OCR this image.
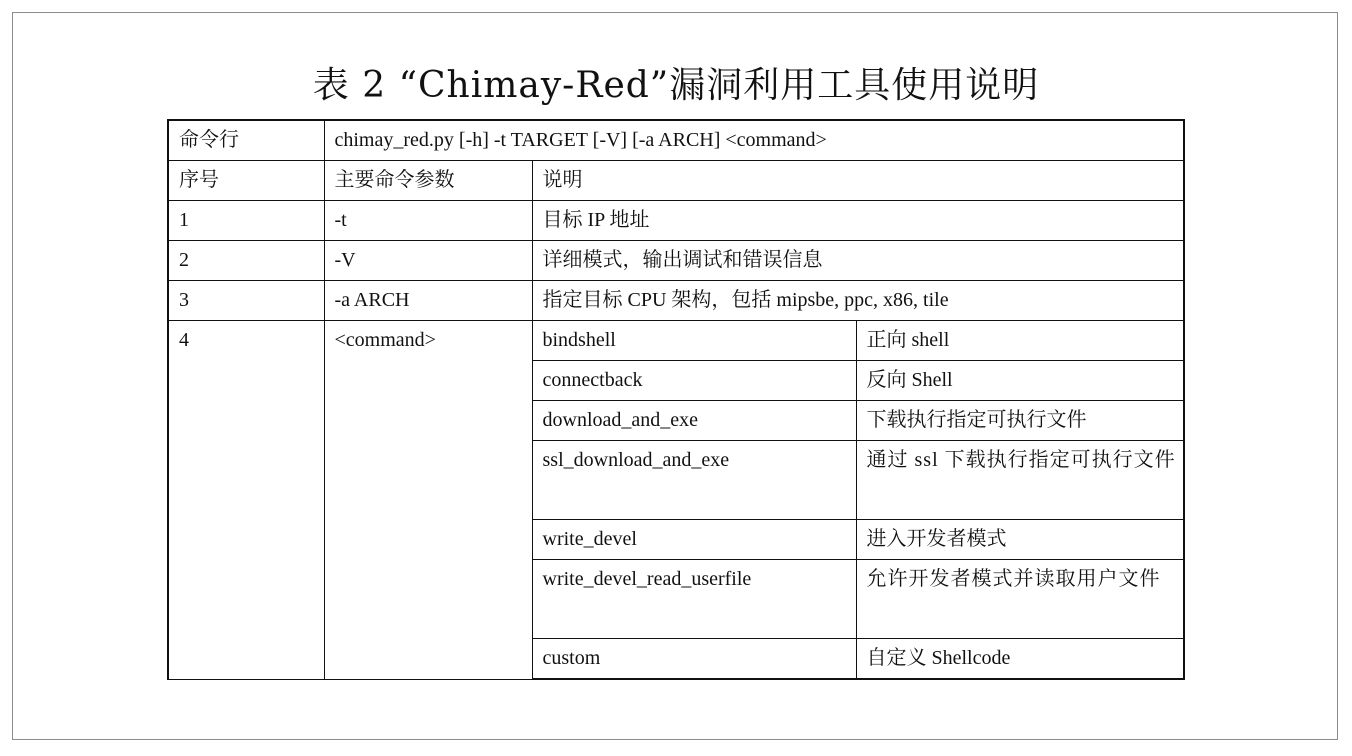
表 2 “Chimay-Red”漏洞利用工具使用说明
命令行	chimay_red.py [-h] -t TARGET [-V] [-a ARCH] <command>		
序号	主要命令参数	说明	
1	-t	目标 IP 地址	
2	-V	详细模式，输出调试和错误信息	
3	-a ARCH	指定目标 CPU 架构，包括 mipsbe, ppc, x86, tile	
4	<command>	bindshell	正向 shell
		connectback	反向 Shell
		download_and_exe	下载执行指定可执行文件
		ssl_download_and_exe	通过 ssl 下载执行指定可执行文件
		write_devel	进入开发者模式
		write_devel_read_userfile	允许开发者模式并读取用户文件
		custom	自定义 Shellcode
